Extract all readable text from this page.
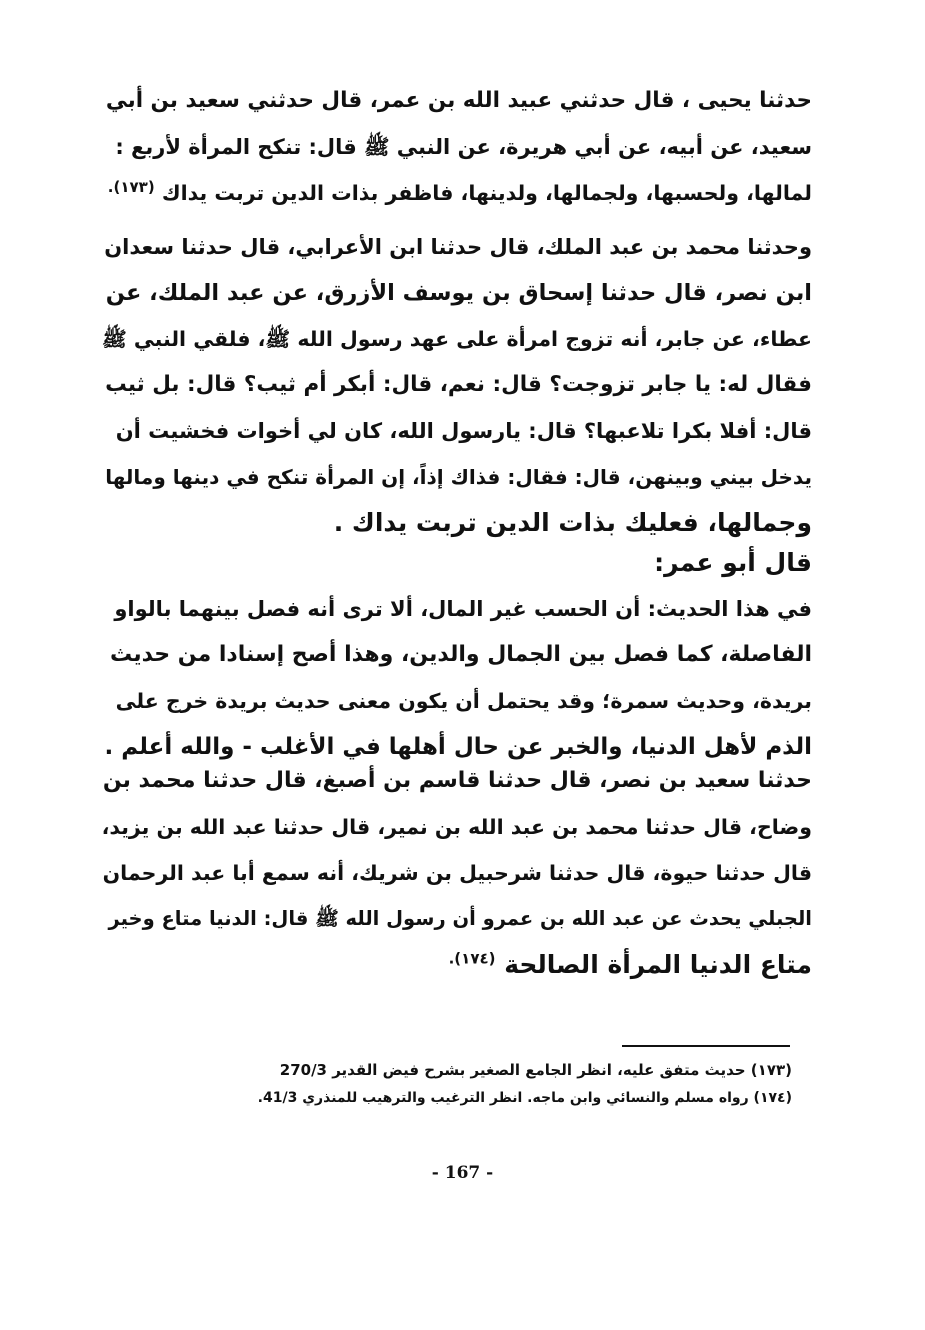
حدثنا يحيى ، قال حدثني عبيد الله بن عمر، قال حدثني سعيد بن أبي
سعيد، عن أبيه، عن أبي هريرة، عن النبي ﷺ قال: تنكح المرأة لأربع :
لمالها، ولحسبها، ولجمالها، ولدينها، فاظفر بذات الدين تربت يداك $^{(١٧٣).}$
وحدثنا محمد بن عبد الملك، قال حدثنا ابن الأعرابي، قال حدثنا سعدان
ابن نصر، قال حدثنا إسحاق بن يوسف الأزرق، عن عبد الملك، عن
عطاء، عن جابر، أنه تزوج امرأة على عهد رسول الله ﷺ، فلقي النبي ﷺ
فقال له: يا جابر تزوجت؟ قال: نعم، قال: أبكر أم ثيب؟ قال: بل ثيب
قال: أفلا بكرا تلاعبها؟ قال: يارسول الله، كان لي أخوات فخشيت أن
يدخل بيني وبينهن، قال: فقال: فذاك إذاً، إن المرأة تنكح في دينها ومالها
وجمالها، فعليك بذات الدين تربت يداك .
قال أبو عمر:
في هذا الحديث: أن الحسب غير المال، ألا ترى أنه فصل بينهما بالواو
الفاصلة، كما فصل بين الجمال والدين، وهذا أصح إسنادا من حديث
بريدة، وحديث سمرة؛ وقد يحتمل أن يكون معنى حديث بريدة خرج على
الذم لأهل الدنيا، والخبر عن حال أهلها في الأغلب - والله أعلم .
حدثنا سعيد بن نصر، قال حدثنا قاسم بن أصبغ، قال حدثنا محمد بن
وضاح، قال حدثنا محمد بن عبد الله بن نمير، قال حدثنا عبد الله بن يزيد،
قال حدثنا حيوة، قال حدثنا شرحبيل بن شريك، أنه سمع أبا عبد الرحمان
الجبلي يحدث عن عبد الله بن عمرو أن رسول الله ﷺ قال: الدنيا متاع وخير
متاع الدنيا المرأة الصالحة $^{(١٧٤).}$
(١٧٣) حديث متفق عليه، انظر الجامع الصغير بشرح فيض القدير 270/3
(١٧٤) رواه مسلم والنسائي وابن ماجه. انظر الترغيب والترهيب للمنذري 41/3.
- 167 -
